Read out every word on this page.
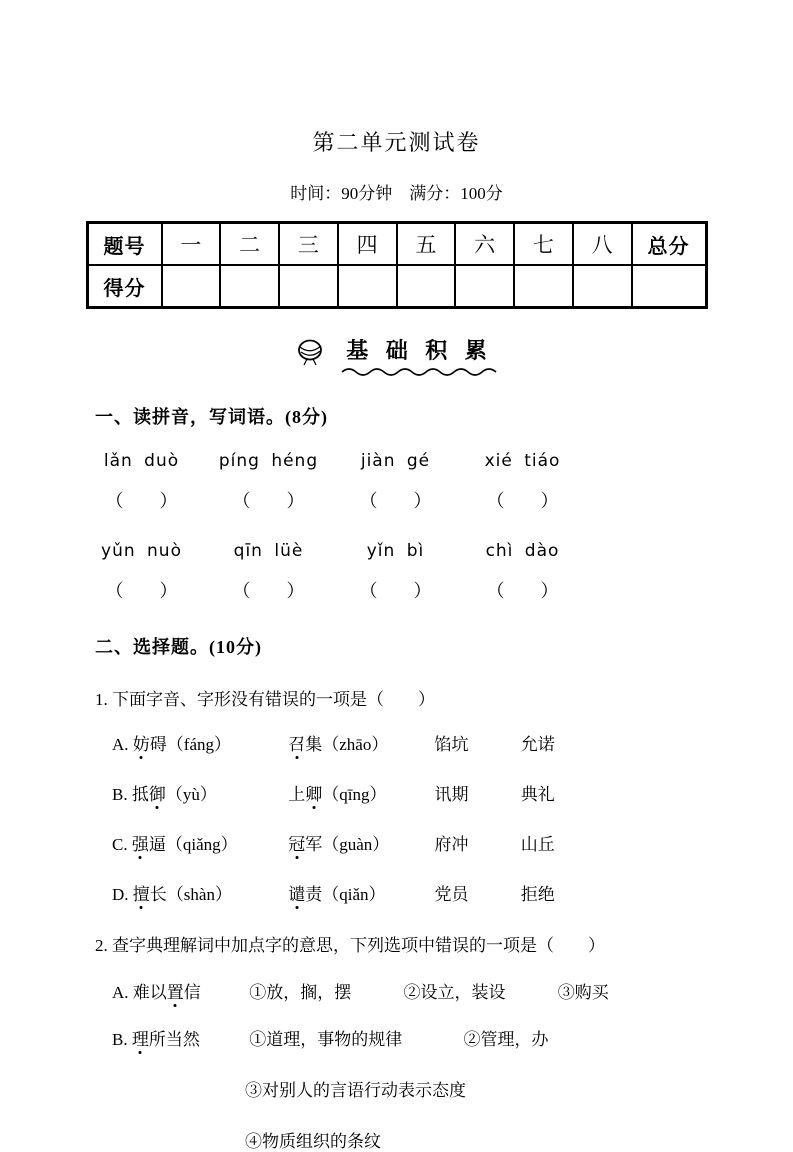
第二单元测试卷
时间：90分钟　满分：100分
题号	一	二	三	四	五	六	七	八	总分
得分									
基 础 积 累
一、读拼音，写词语。(8分)
lǎn duò	píng héng	jiàn gé	xié tiáo
（　　）	（　　）	（　　）	（　　）
yǔn nuò	qīn lüè	yǐn bì	chì dào
（　　）	（　　）	（　　）	（　　）
二、选择题。(10分)
1. 下面字音、字形没有错误的一项是（　　）
A. 妨碍（fáng）	召集（zhāo）	馅坑	允诺
B. 抵御（yù）	上卿（qīng）	讯期	典礼
C. 强逼（qiǎng）	冠军（guàn）	府冲	山丘
D. 擅长（shàn）	谴责（qiǎn）	党员	拒绝
2. 查字典理解词中加点字的意思，下列选项中错误的一项是（　　）
A. 难以置信	①放，搁，摆	②设立，装设	③购买
B. 理所当然	①道理，事物的规律	②管理，办
③对别人的言语行动表示态度
④物质组织的条纹
